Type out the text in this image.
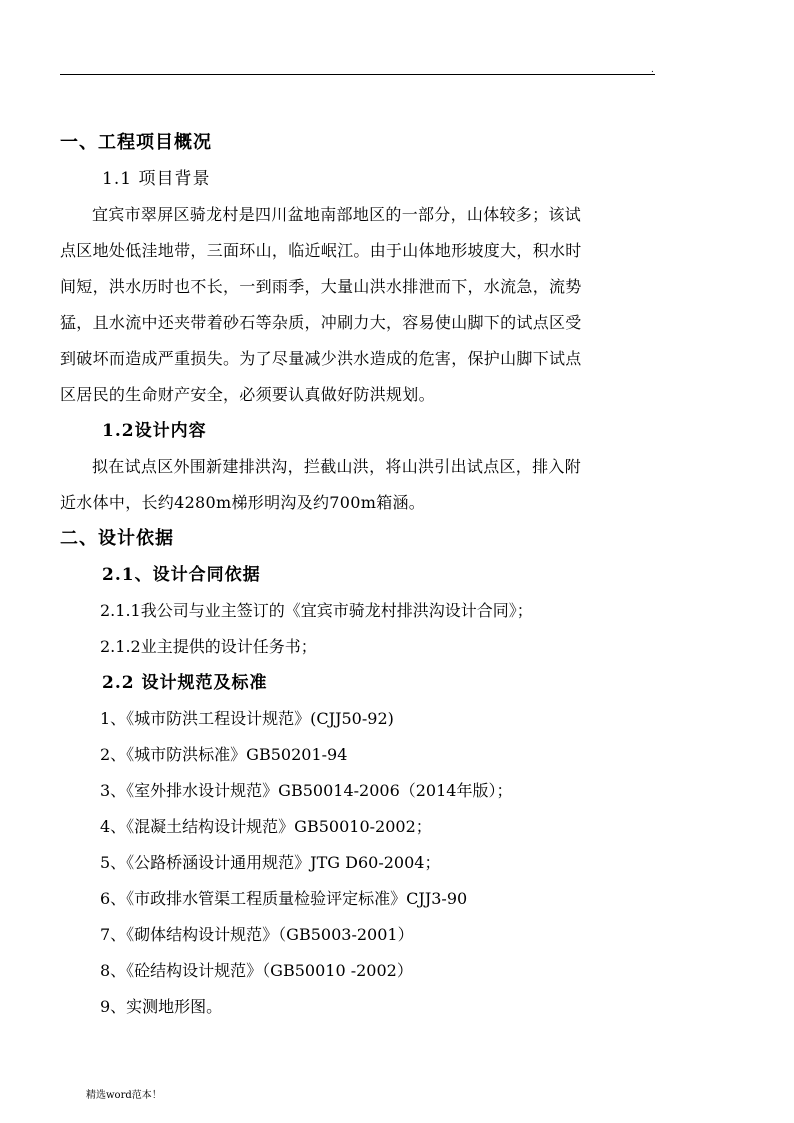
.
一、工程项目概况
1.1 项目背景
宜宾市翠屏区骑龙村是四川盆地南部地区的一部分，山体较多；该试
点区地处低洼地带，三面环山，临近岷江。由于山体地形坡度大，积水时
间短，洪水历时也不长，一到雨季，大量山洪水排泄而下，水流急，流势
猛，且水流中还夹带着砂石等杂质，冲刷力大，容易使山脚下的试点区受
到破坏而造成严重损失。为了尽量减少洪水造成的危害，保护山脚下试点
区居民的生命财产安全，必须要认真做好防洪规划。
1.2设计内容
拟在试点区外围新建排洪沟，拦截山洪，将山洪引出试点区，排入附
近水体中，长约4280m梯形明沟及约700m箱涵。
二、设计依据
2.1、设计合同依据
2.1.1我公司与业主签订的《宜宾市骑龙村排洪沟设计合同》；
2.1.2业主提供的设计任务书；
2.2 设计规范及标准
1、《城市防洪工程设计规范》(CJJ50-92)
2、《城市防洪标准》GB50201-94
3、《室外排水设计规范》GB50014-2006（2014年版）；
4、《混凝土结构设计规范》GB50010-2002；
5、《公路桥涵设计通用规范》JTG D60-2004；
6、《市政排水管渠工程质量检验评定标准》CJJ3-90
7、《砌体结构设计规范》（GB5003-2001）
8、《砼结构设计规范》（GB50010 -2002）
9、实测地形图。
精选word范本！
